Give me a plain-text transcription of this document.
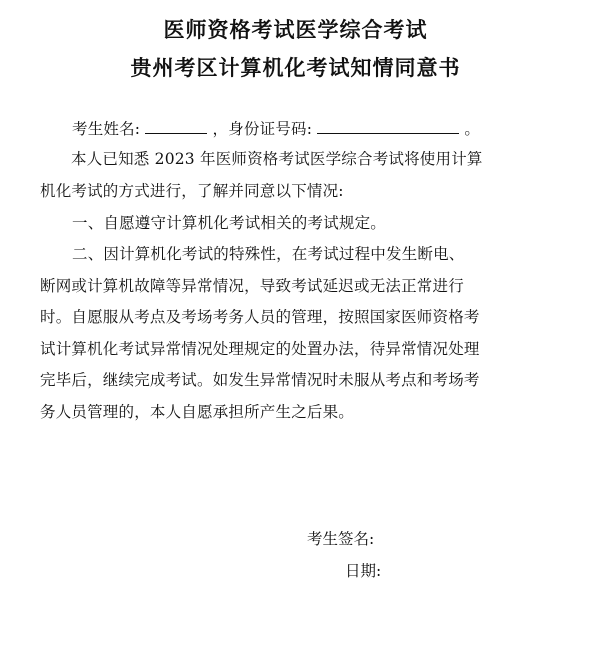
医师资格考试医学综合考试
贵州考区计算机化考试知情同意书
考生姓名:	，身份证号码:	。
本人已知悉 2023 年医师资格考试医学综合考试将使用计算
机化考试的方式进行，了解并同意以下情况:
一、自愿遵守计算机化考试相关的考试规定。
二、因计算机化考试的特殊性，在考试过程中发生断电、
断网或计算机故障等异常情况，导致考试延迟或无法正常进行
时。自愿服从考点及考场考务人员的管理，按照国家医师资格考
试计算机化考试异常情况处理规定的处置办法，待异常情况处理
完毕后，继续完成考试。如发生异常情况时未服从考点和考场考
务人员管理的，本人自愿承担所产生之后果。
考生签名:
日期:
